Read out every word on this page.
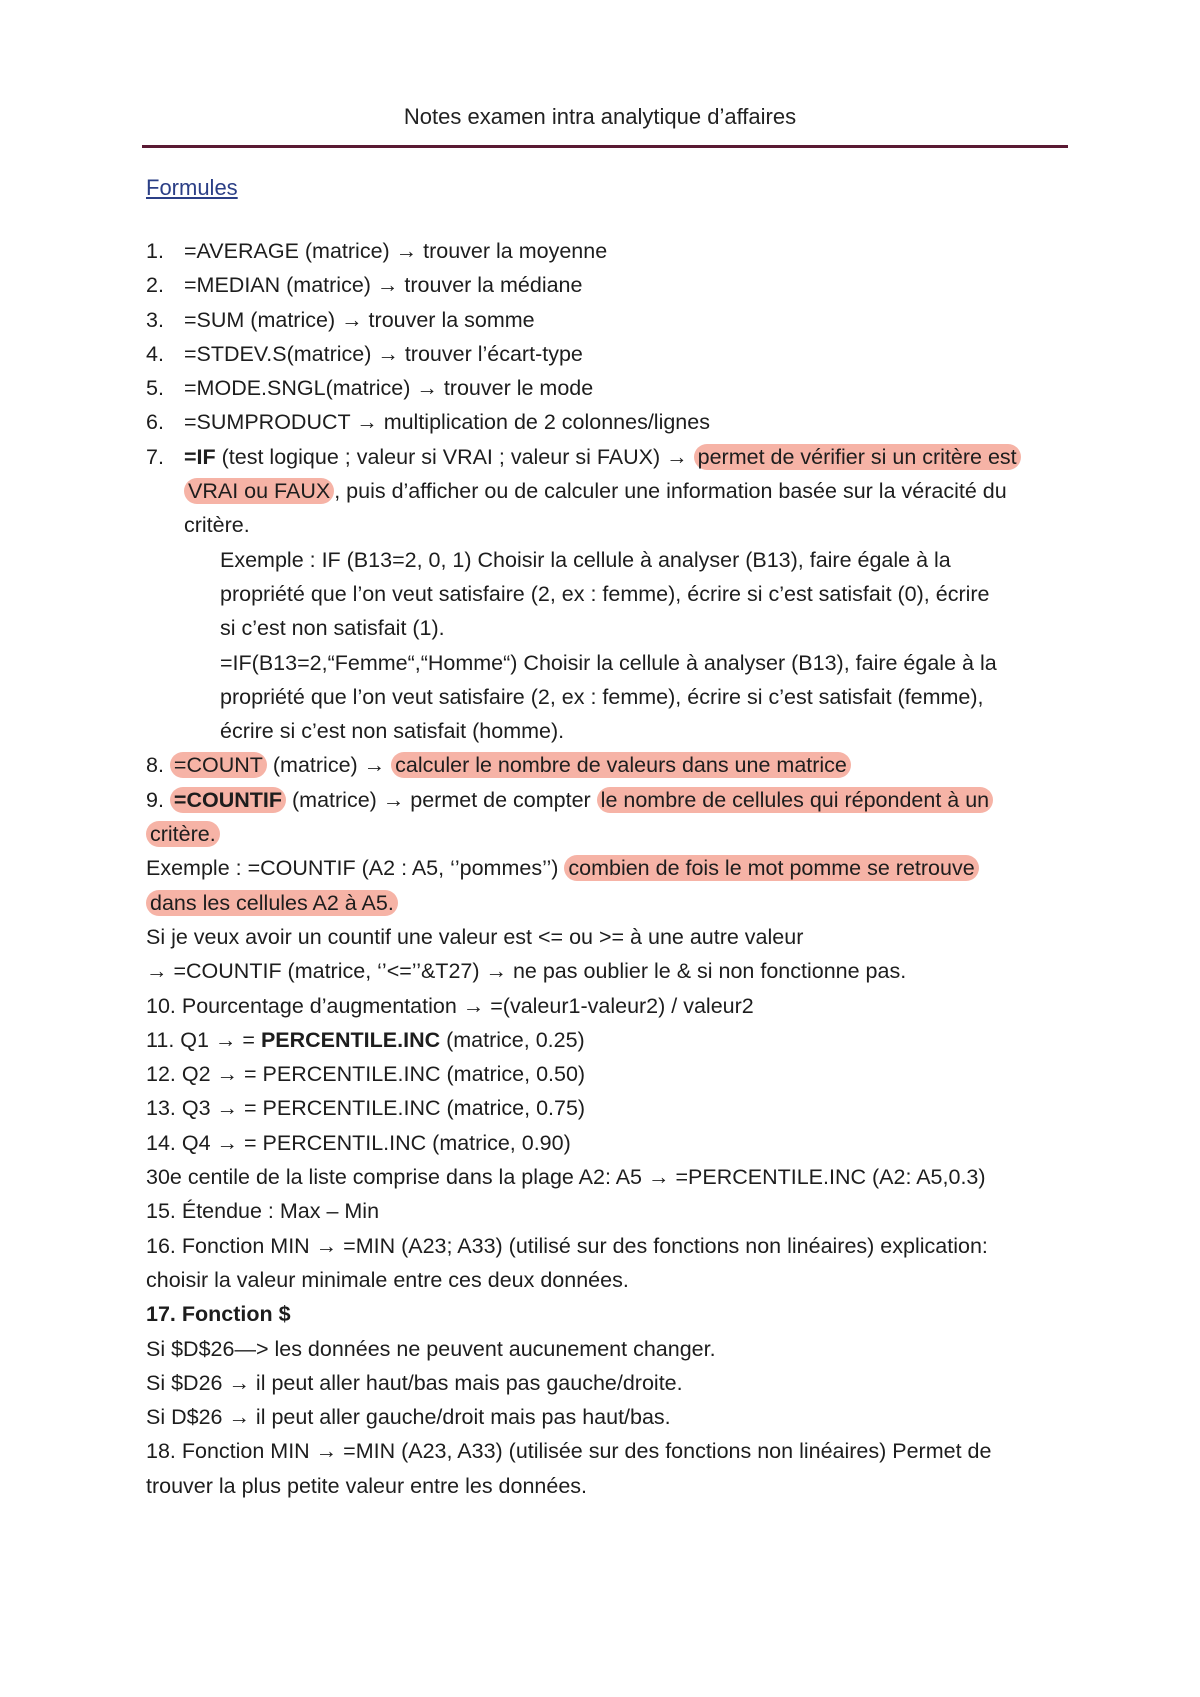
Notes examen intra analytique d’affaires
Formules
1. =AVERAGE (matrice) → trouver la moyenne
2. =MEDIAN (matrice) → trouver la médiane
3. =SUM (matrice) → trouver la somme
4. =STDEV.S(matrice) → trouver l’écart-type
5. =MODE.SNGL(matrice) → trouver le mode
6. =SUMPRODUCT → multiplication de 2 colonnes/lignes
7. =IF (test logique ; valeur si VRAI ; valeur si FAUX) → permet de vérifier si un critère est
VRAI ou FAUX , puis d’afficher ou de calculer une information basée sur la véracité du
critère.
Exemple : IF (B13=2, 0, 1) Choisir la cellule à analyser (B13), faire égale à la
propriété que l’on veut satisfaire (2, ex : femme), écrire si c’est satisfait (0), écrire
si c’est non satisfait (1).
=IF(B13=2,“Femme“,“Homme“) Choisir la cellule à analyser (B13), faire égale à la
propriété que l’on veut satisfaire (2, ex : femme), écrire si c’est satisfait (femme),
écrire si c’est non satisfait (homme).
8. =COUNT (matrice) → calculer le nombre de valeurs dans une matrice
9. =COUNTIF (matrice) → permet de compter le nombre de cellules qui répondent à un
critère.
Exemple : =COUNTIF (A2 : A5, ‘’pommes’’) combien de fois le mot pomme se retrouve
dans les cellules A2 à A5.
Si je veux avoir un countif une valeur est <= ou >= à une autre valeur
→ =COUNTIF (matrice, ‘’<=’’&T27) → ne pas oublier le & si non fonctionne pas.
10. Pourcentage d’augmentation → =(valeur1-valeur2) / valeur2
11. Q1 → = PERCENTILE.INC (matrice, 0.25)
12. Q2 → = PERCENTILE.INC (matrice, 0.50)
13. Q3 → = PERCENTILE.INC (matrice, 0.75)
14. Q4 → = PERCENTIL.INC (matrice, 0.90)
30e centile de la liste comprise dans la plage A2: A5 → =PERCENTILE.INC (A2: A5,0.3)
15. Étendue : Max – Min
16. Fonction MIN → =MIN (A23; A33) (utilisé sur des fonctions non linéaires) explication:
choisir la valeur minimale entre ces deux données.
17. Fonction $
Si $D$26—> les données ne peuvent aucunement changer.
Si $D26 → il peut aller haut/bas mais pas gauche/droite.
Si D$26 → il peut aller gauche/droit mais pas haut/bas.
18. Fonction MIN → =MIN (A23, A33) (utilisée sur des fonctions non linéaires) Permet de
trouver la plus petite valeur entre les données.
